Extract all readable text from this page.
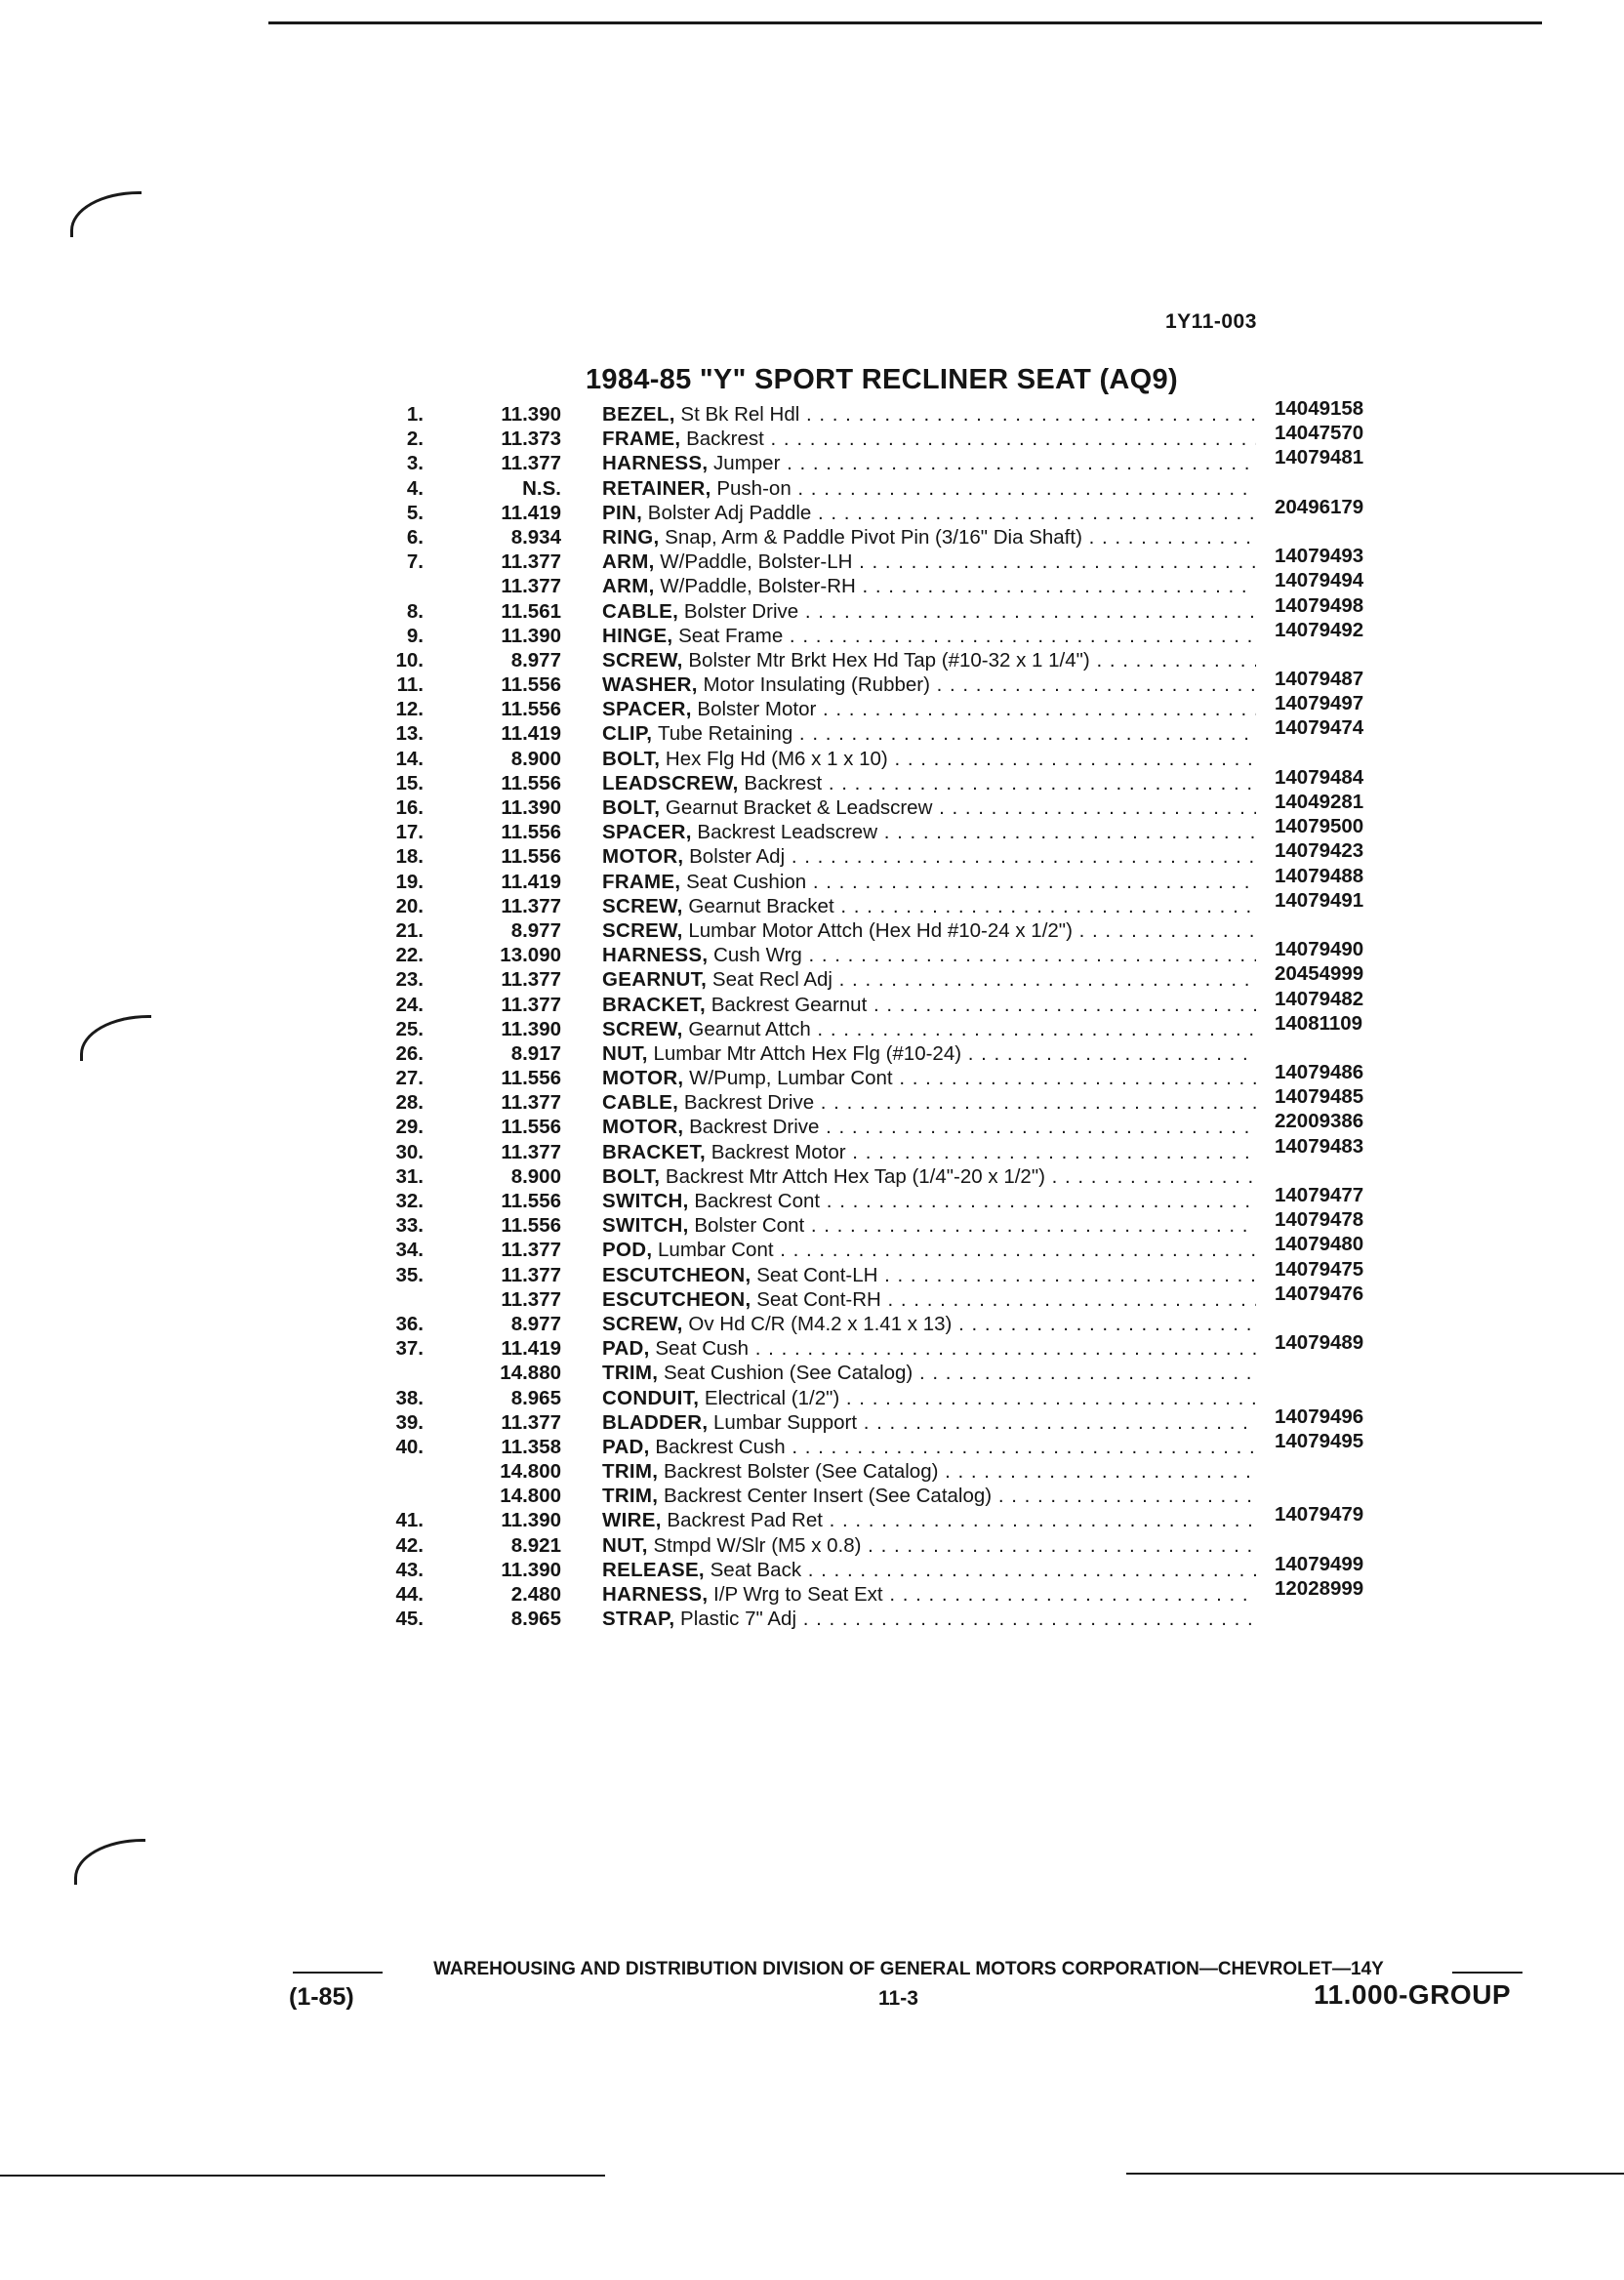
1Y11-003
1984-85 "Y" SPORT RECLINER SEAT (AQ9)
1.	11.390 BEZEL, St Bk Rel Hdl . . .	14049158
2.	11.373 FRAME, Backrest . . .	14047570
3.	11.377 HARNESS, Jumper . . .	14079481
4.	N.S. RETAINER, Push-on . . .
5.	11.419 PIN, Bolster Adj Paddle . . .	20496179
6.	8.934 RING, Snap, Arm & Paddle Pivot Pin (3/16" Dia Shaft) . . .
7.	11.377 ARM, W/Paddle, Bolster-LH . . .	14079493
11.377 ARM, W/Paddle, Bolster-RH . . .	14079494
8.	11.561 CABLE, Bolster Drive . . .	14079498
9.	11.390 HINGE, Seat Frame . . .	14079492
10.	8.977 SCREW, Bolster Mtr Brkt Hex Hd Tap (#10-32 x 1 1/4") . . .
11.	11.556 WASHER, Motor Insulating (Rubber) . . .	14079487
12.	11.556 SPACER, Bolster Motor . . .	14079497
13.	11.419 CLIP, Tube Retaining . . .	14079474
14.	8.900 BOLT, Hex Flg Hd (M6 x 1 x 10) . . .
15.	11.556 LEADSCREW, Backrest . . .	14079484
16.	11.390 BOLT, Gearnut Bracket & Leadscrew . . .	14049281
17.	11.556 SPACER, Backrest Leadscrew . . .	14079500
18.	11.556 MOTOR, Bolster Adj . . .	14079423
19.	11.419 FRAME, Seat Cushion . . .	14079488
20.	11.377 SCREW, Gearnut Bracket . . .	14079491
21.	8.977 SCREW, Lumbar Motor Attch (Hex Hd #10-24 x 1/2") . . .
22.	13.090 HARNESS, Cush Wrg . . .	14079490
23.	11.377 GEARNUT, Seat Recl Adj . . .	20454999
24.	11.377 BRACKET, Backrest Gearnut . . .	14079482
25.	11.390 SCREW, Gearnut Attch . . .	14081109
26.	8.917 NUT, Lumbar Mtr Attch Hex Flg (#10-24) . . .
27.	11.556 MOTOR, W/Pump, Lumbar Cont . . .	14079486
28.	11.377 CABLE, Backrest Drive . . .	14079485
29.	11.556 MOTOR, Backrest Drive . . .	22009386
30.	11.377 BRACKET, Backrest Motor . . .	14079483
31.	8.900 BOLT, Backrest Mtr Attch Hex Tap (1/4"-20 x 1/2") . . .
32.	11.556 SWITCH, Backrest Cont . . .	14079477
33.	11.556 SWITCH, Bolster Cont . . .	14079478
34.	11.377 POD, Lumbar Cont . . .	14079480
35.	11.377 ESCUTCHEON, Seat Cont-LH . . .	14079475
11.377 ESCUTCHEON, Seat Cont-RH . . .	14079476
36.	8.977 SCREW, Ov Hd C/R (M4.2 x 1.41 x 13) . . .
37.	11.419 PAD, Seat Cush . . .	14079489
14.880 TRIM, Seat Cushion (See Catalog) . . .
38.	8.965 CONDUIT, Electrical (1/2") . . .
39.	11.377 BLADDER, Lumbar Support . . .	14079496
40.	11.358 PAD, Backrest Cush . . .	14079495
14.800 TRIM, Backrest Bolster (See Catalog) . . .
14.800 TRIM, Backrest Center Insert (See Catalog) . . .
41.	11.390 WIRE, Backrest Pad Ret . . .	14079479
42.	8.921 NUT, Stmpd W/Slr (M5 x 0.8) . . .
43.	11.390 RELEASE, Seat Back . . .	14079499
44.	2.480 HARNESS, I/P Wrg to Seat Ext . . .	12028999
45.	8.965 STRAP, Plastic 7" Adj . . .
WAREHOUSING AND DISTRIBUTION DIVISION OF GENERAL MOTORS CORPORATION—CHEVROLET—14Y
(1-85)	11-3	11.000-GROUP
